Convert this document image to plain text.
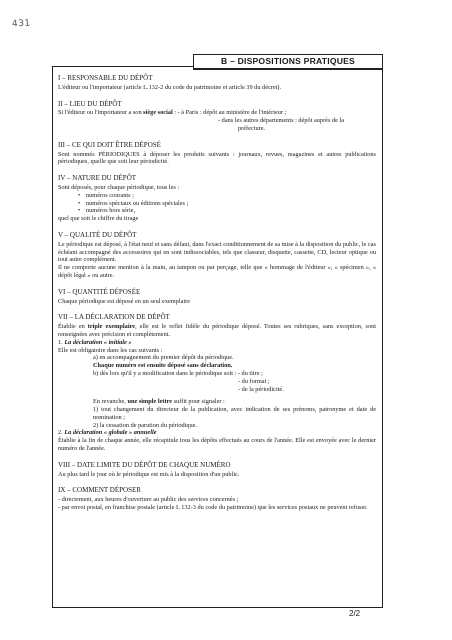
431
B – DISPOSITIONS PRATIQUES
I – RESPONSABLE DU DÉPÔT

L'éditeur ou l'importateur (article L.132-2 du code du patrimoine et article 39 du décret).

II – LIEU DU DÉPÔT

Si l'éditeur ou l'importateur a son siège social : - à Paris : dépôt au ministère de l'intérieur ;

- dans les autres départements : dépôt auprès de la

préfecture.

III – CE QUI DOIT ÊTRE DÉPOSÉ

Sont nommés PÉRIODIQUES à déposer les produits suivants : journaux, revues, magazines et autres publications périodiques, quelle que soit leur périodicité.

IV – NATURE DU DÉPÔT

Sont déposés, pour chaque périodique, tous les :

• numéros courants ;

• numéros spéciaux ou éditions spéciales ;

• numéros hors série,

quel que soit le chiffre du tirage

V – QUALITÉ DU DÉPÔT

Le périodique est déposé, à l'état neuf et sans défaut, dans l'exact conditionnement de sa mise à la disposition du public, le cas échéant accompagné des accessoires qui en sont indissociables, tels que classeur, disquette, cassette, CD, lecteur optique ou tout autre complément.

Il ne comporte aucune mention à la main, au tampon ou par perçage, telle que « hommage de l'éditeur », « spécimen », « dépôt légal » ou autre.

VI – QUANTITÉ DÉPOSÉE

Chaque périodique est déposé en un seul exemplaire

VII – LA DÉCLARATION DE DÉPÔT

Établie en triple exemplaire, elle est le reflet fidèle du périodique déposé. Toutes ses rubriques, sans exception, sont renseignées avec précision et complètement.

1. La déclaration « initiale »

Elle est obligatoire dans les cas suivants :

a) en accompagnement du premier dépôt du périodique.

Chaque numéro est ensuite déposé sans déclaration.

b) dès lors qu'il y a modification dans le périodique soit : - du titre ;

- du format ;

- de la périodicité.

En revanche, une simple lettre suffit pour signaler :

1) tout changement du directeur de la publication, avec indication de ses prénoms, patronyme et date de nomination ;

2) la cessation de parution du périodique.

2. La déclaration « globale » annuelle

Établie à la fin de chaque année, elle récapitule tous les dépôts effectués au cours de l'année. Elle est envoyée avec le dernier numéro de l'année.

VIII – DATE LIMITE DU DÉPÔT DE CHAQUE NUMÉRO

Au plus tard le jour où le périodique est mis à la disposition d'un public.

IX – COMMENT DÉPOSER

- directement, aux heures d'ouverture au public des services concernés ;

- par envoi postal, en franchise postale (article L 132-3 du code du patrimoine) que les services postaux ne peuvent refuser.

2/2
